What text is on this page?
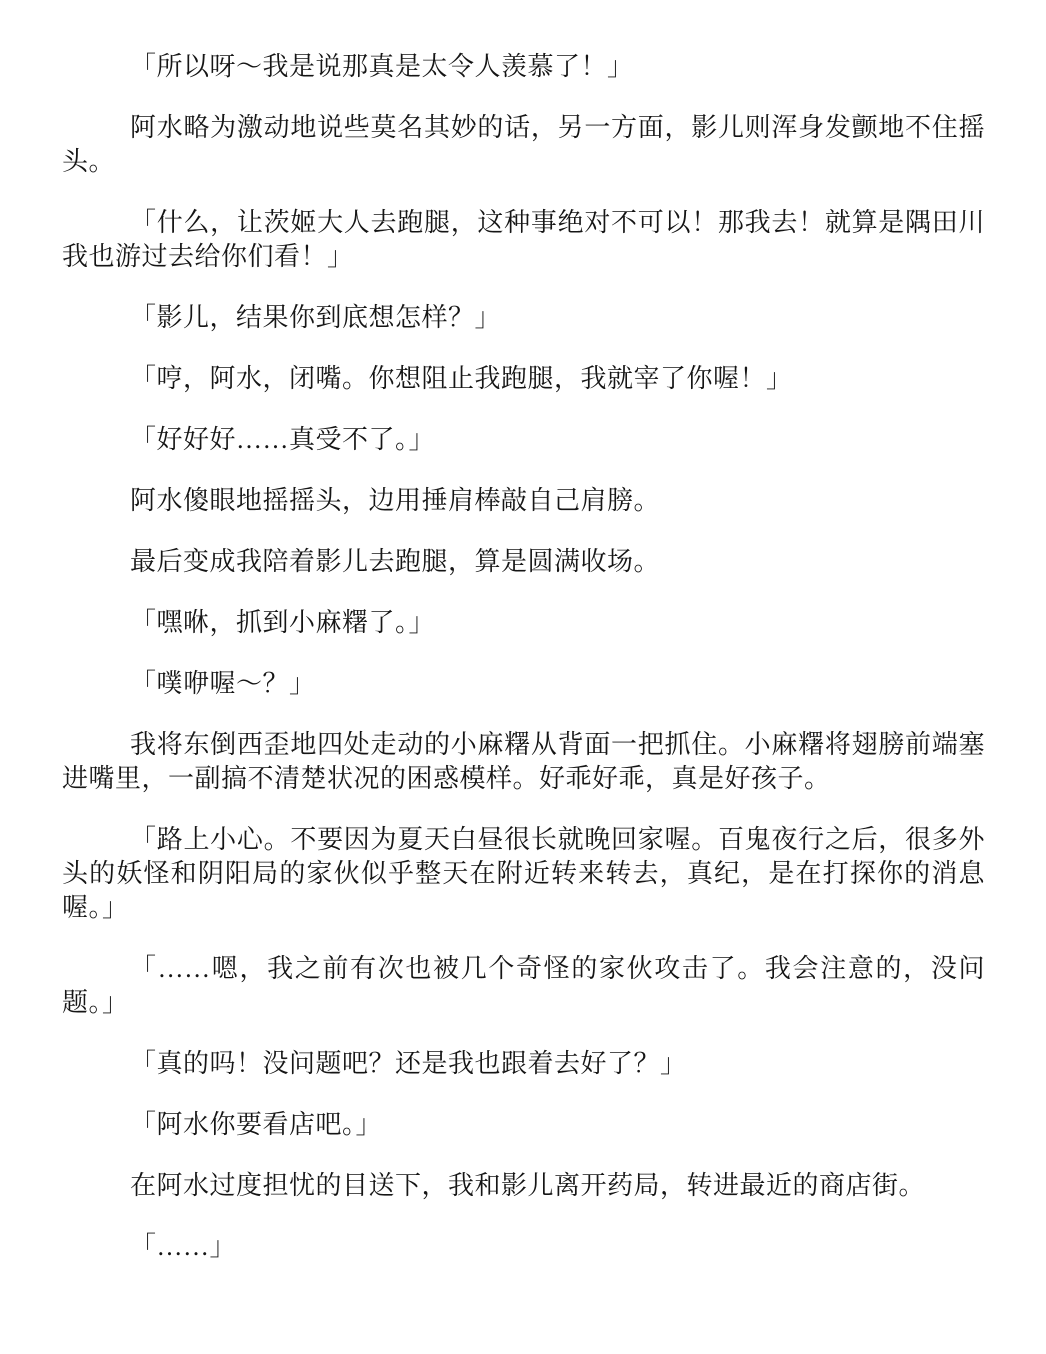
「所以呀～我是说那真是太令人羡慕了！」

阿水略为激动地说些莫名其妙的话，另一方面，影儿则浑身发颤地不住摇头。

「什么，让茨姬大人去跑腿，这种事绝对不可以！那我去！就算是隅田川我也游过去给你们看！」

「影儿，结果你到底想怎样？」

「哼，阿水，闭嘴。你想阻止我跑腿，我就宰了你喔！」

「好好好……真受不了。」

阿水傻眼地摇摇头，边用捶肩棒敲自己肩膀。

最后变成我陪着影儿去跑腿，算是圆满收场。

「嘿咻，抓到小麻糬了。」

「噗咿喔～？」

我将东倒西歪地四处走动的小麻糬从背面一把抓住。小麻糬将翅膀前端塞进嘴里，一副搞不清楚状况的困惑模样。好乖好乖，真是好孩子。

「路上小心。不要因为夏天白昼很长就晚回家喔。百鬼夜行之后，很多外头的妖怪和阴阳局的家伙似乎整天在附近转来转去，真纪，是在打探你的消息喔。」

「……嗯，我之前有次也被几个奇怪的家伙攻击了。我会注意的，没问题。」

「真的吗！没问题吧？还是我也跟着去好了？」

「阿水你要看店吧。」

在阿水过度担忧的目送下，我和影儿离开药局，转进最近的商店街。

「……」
